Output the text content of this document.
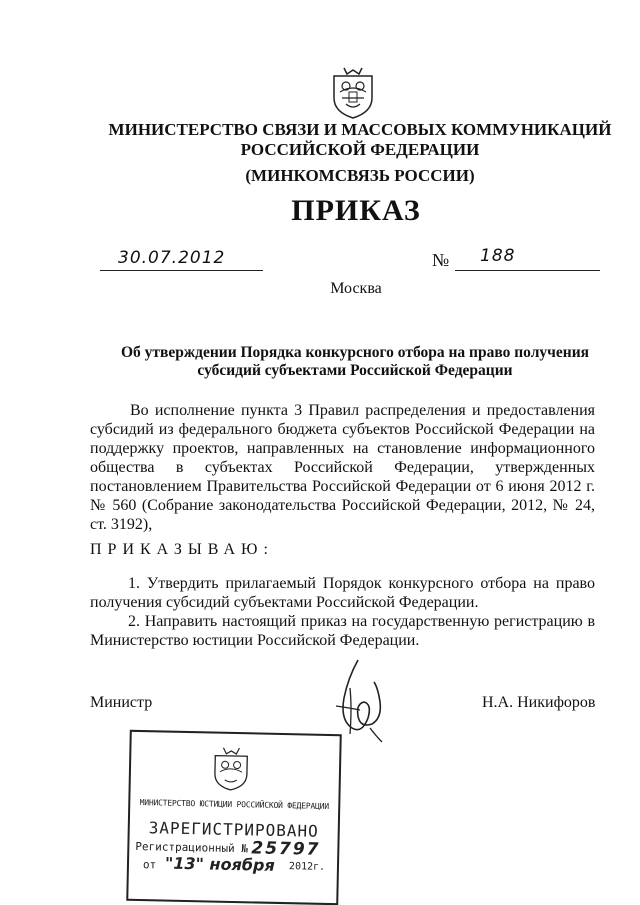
МИНИСТЕРСТВО СВЯЗИ И МАССОВЫХ КОММУНИКАЦИЙ
РОССИЙСКОЙ ФЕДЕРАЦИИ
(МИНКОМСВЯЗЬ РОССИИ)
ПРИКАЗ
30.07.2012	№ 188
Москва
Об утверждении Порядка конкурсного отбора на право получения
субсидий субъектами Российской Федерации
Во исполнение пункта 3 Правил распределения и предоставления субсидий из федерального бюджета субъектов Российской Федерации на поддержку проектов, направленных на становление информационного общества в субъектах Российской Федерации, утвержденных постановлением Правительства Российской Федерации от 6 июня 2012 г. № 560 (Собрание законодательства Российской Федерации, 2012, № 24, ст. 3192),
ПРИКАЗЫВАЮ:
1. Утвердить прилагаемый Порядок конкурсного отбора на право получения субсидий субъектами Российской Федерации.
2. Направить настоящий приказ на государственную регистрацию в Министерство юстиции Российской Федерации.
Министр	Н.А. Никифоров
МИНИСТЕРСТВО ЮСТИЦИИ РОССИЙСКОЙ ФЕДЕРАЦИИ
ЗАРЕГИСТРИРОВАНО
Регистрационный № 25797
от "13" ноября 2012г.
